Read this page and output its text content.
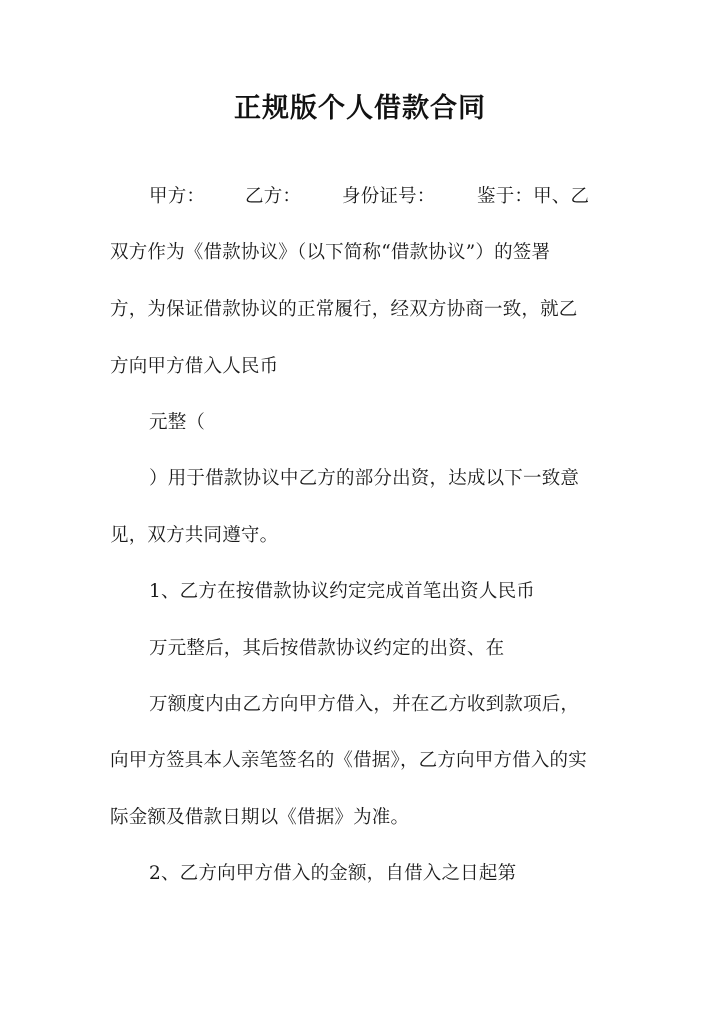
正规版个人借款合同
甲方： 乙方： 身份证号： 鉴于：甲、乙
双方作为《借款协议》（以下简称“借款协议”）的签署
方，为保证借款协议的正常履行，经双方协商一致，就乙
方向甲方借入人民币
元整（
）用于借款协议中乙方的部分出资，达成以下一致意
见，双方共同遵守。
1、乙方在按借款协议约定完成首笔出资人民币
万元整后，其后按借款协议约定的出资、在
万额度内由乙方向甲方借入，并在乙方收到款项后，
向甲方签具本人亲笔签名的《借据》，乙方向甲方借入的实
际金额及借款日期以《借据》为准。
2、乙方向甲方借入的金额，自借入之日起第
